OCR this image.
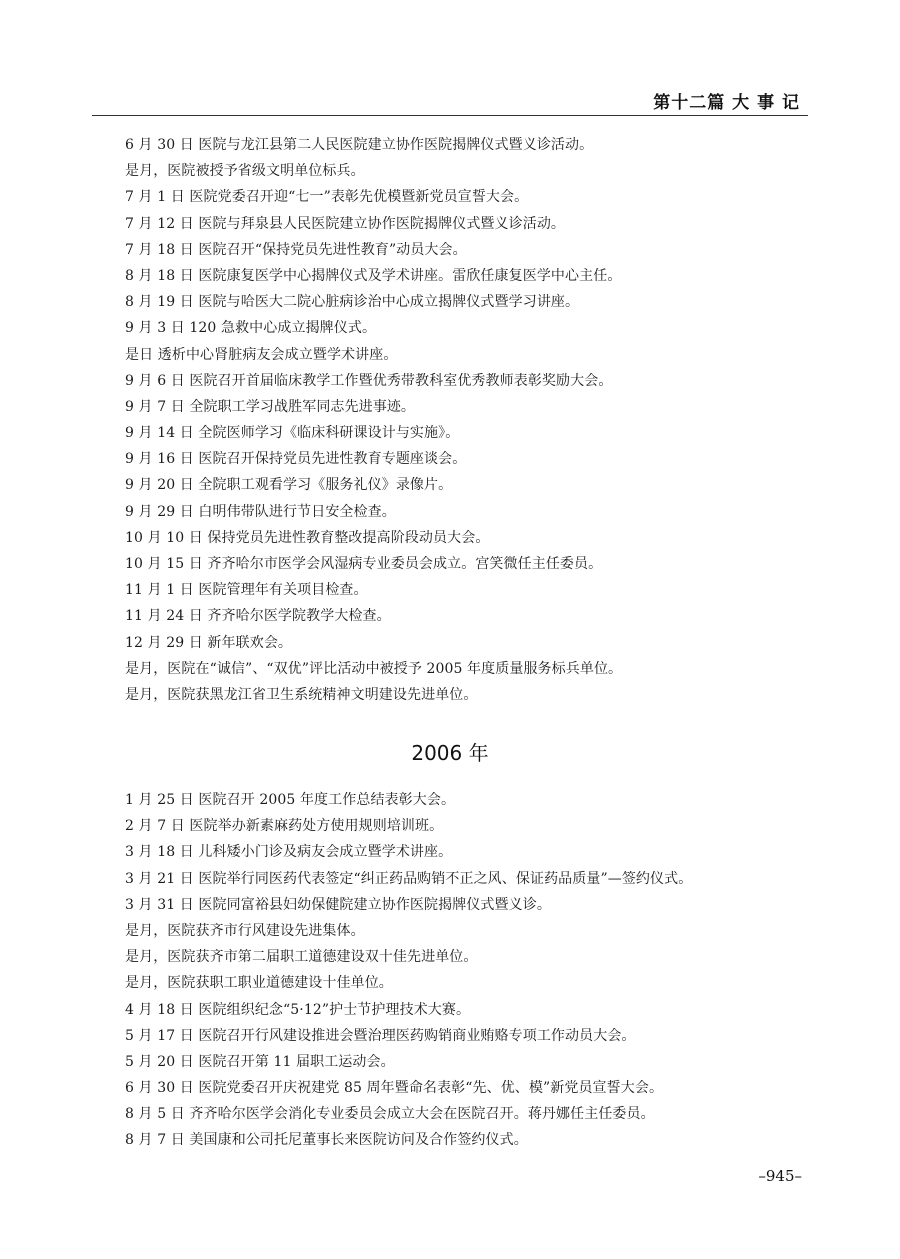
第十二篇 大 事 记
6 月 30 日 医院与龙江县第二人民医院建立协作医院揭牌仪式暨义诊活动。
是月，医院被授予省级文明单位标兵。
7 月 1 日 医院党委召开迎“七一”表彰先优模暨新党员宣誓大会。
7 月 12 日 医院与拜泉县人民医院建立协作医院揭牌仪式暨义诊活动。
7 月 18 日 医院召开“保持党员先进性教育”动员大会。
8 月 18 日 医院康复医学中心揭牌仪式及学术讲座。雷欣任康复医学中心主任。
8 月 19 日 医院与哈医大二院心脏病诊治中心成立揭牌仪式暨学习讲座。
9 月 3 日 120 急救中心成立揭牌仪式。
是日 透析中心肾脏病友会成立暨学术讲座。
9 月 6 日 医院召开首届临床教学工作暨优秀带教科室优秀教师表彰奖励大会。
9 月 7 日 全院职工学习战胜军同志先进事迹。
9 月 14 日 全院医师学习《临床科研课设计与实施》。
9 月 16 日 医院召开保持党员先进性教育专题座谈会。
9 月 20 日 全院职工观看学习《服务礼仪》录像片。
9 月 29 日 白明伟带队进行节日安全检查。
10 月 10 日 保持党员先进性教育整改提高阶段动员大会。
10 月 15 日 齐齐哈尔市医学会风湿病专业委员会成立。宫笑微任主任委员。
11 月 1 日 医院管理年有关项目检查。
11 月 24 日 齐齐哈尔医学院教学大检查。
12 月 29 日 新年联欢会。
是月，医院在“诚信”、“双优”评比活动中被授予 2005 年度质量服务标兵单位。
是月，医院获黑龙江省卫生系统精神文明建设先进单位。
2006 年
1 月 25 日 医院召开 2005 年度工作总结表彰大会。
2 月 7 日 医院举办新素麻药处方使用规则培训班。
3 月 18 日 儿科矮小门诊及病友会成立暨学术讲座。
3 月 21 日 医院举行同医药代表签定“纠正药品购销不正之风、保证药品质量”—签约仪式。
3 月 31 日 医院同富裕县妇幼保健院建立协作医院揭牌仪式暨义诊。
是月，医院获齐市行风建设先进集体。
是月，医院获齐市第二届职工道德建设双十佳先进单位。
是月，医院获职工职业道德建设十佳单位。
4 月 18 日 医院组织纪念“5·12”护士节护理技术大赛。
5 月 17 日 医院召开行风建设推进会暨治理医药购销商业贿赂专项工作动员大会。
5 月 20 日 医院召开第 11 届职工运动会。
6 月 30 日 医院党委召开庆祝建党 85 周年暨命名表彰“先、优、模”新党员宣誓大会。
8 月 5 日 齐齐哈尔医学会消化专业委员会成立大会在医院召开。蒋丹娜任主任委员。
8 月 7 日 美国康和公司托尼董事长来医院访问及合作签约仪式。
–945–
